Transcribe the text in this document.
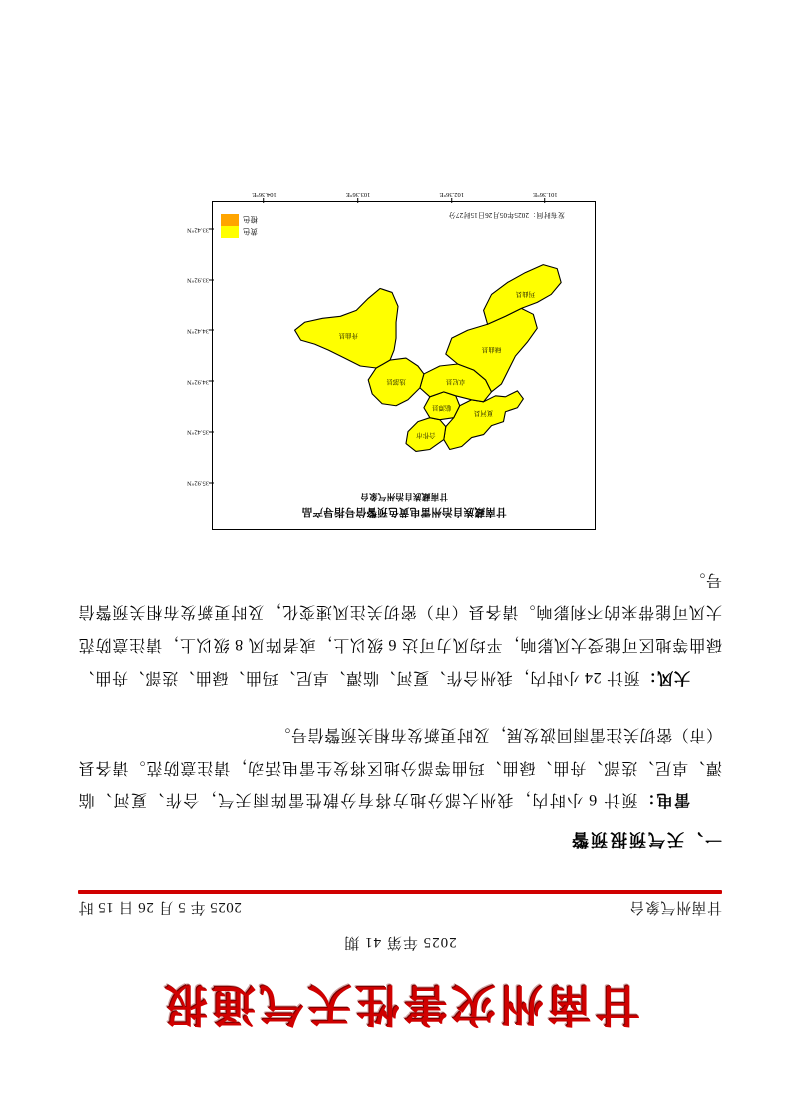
甘南州灾害性天气通报
2025 年第 41 期
甘南州气象台
2025 年 5 月 26 日 15 时
一、天气预报预警

雷电：预计 6 小时内，我州大部分地方将有分散性雷阵雨天气，合作、夏河、临潭、卓尼、迭部、舟曲、碌曲、玛曲等部分地区将发生雷电活动，请注意防范。请各县（市）密切关注雷雨回波发展，及时更新发布相关预警信号。

大风：预计 24 小时内，我州合作、夏河、临潭、卓尼、玛曲、碌曲、迭部、舟曲、碌曲等地区可能受大风影响，平均风力可达 6 级以上，或者阵风 8 级以上，请注意防范大风可能带来的不利影响。请各县（市）密切关注风速变化，及时更新发布相关预警信号。

甘南藏族自治州雷电黄色预警信号指导产品
甘南藏族自治州气象台
夏河县
合作市
临潭县
卓尼县
碌曲县
玛曲县
迭部县
舟曲县
33.42°N
33.92°N
34.42°N
34.92°N
35.42°N
35.92°N
101.36°E
102.36°E
103.36°E
104.36°E
黄色
橙色
发布时间：2025年05月26日15时27分
